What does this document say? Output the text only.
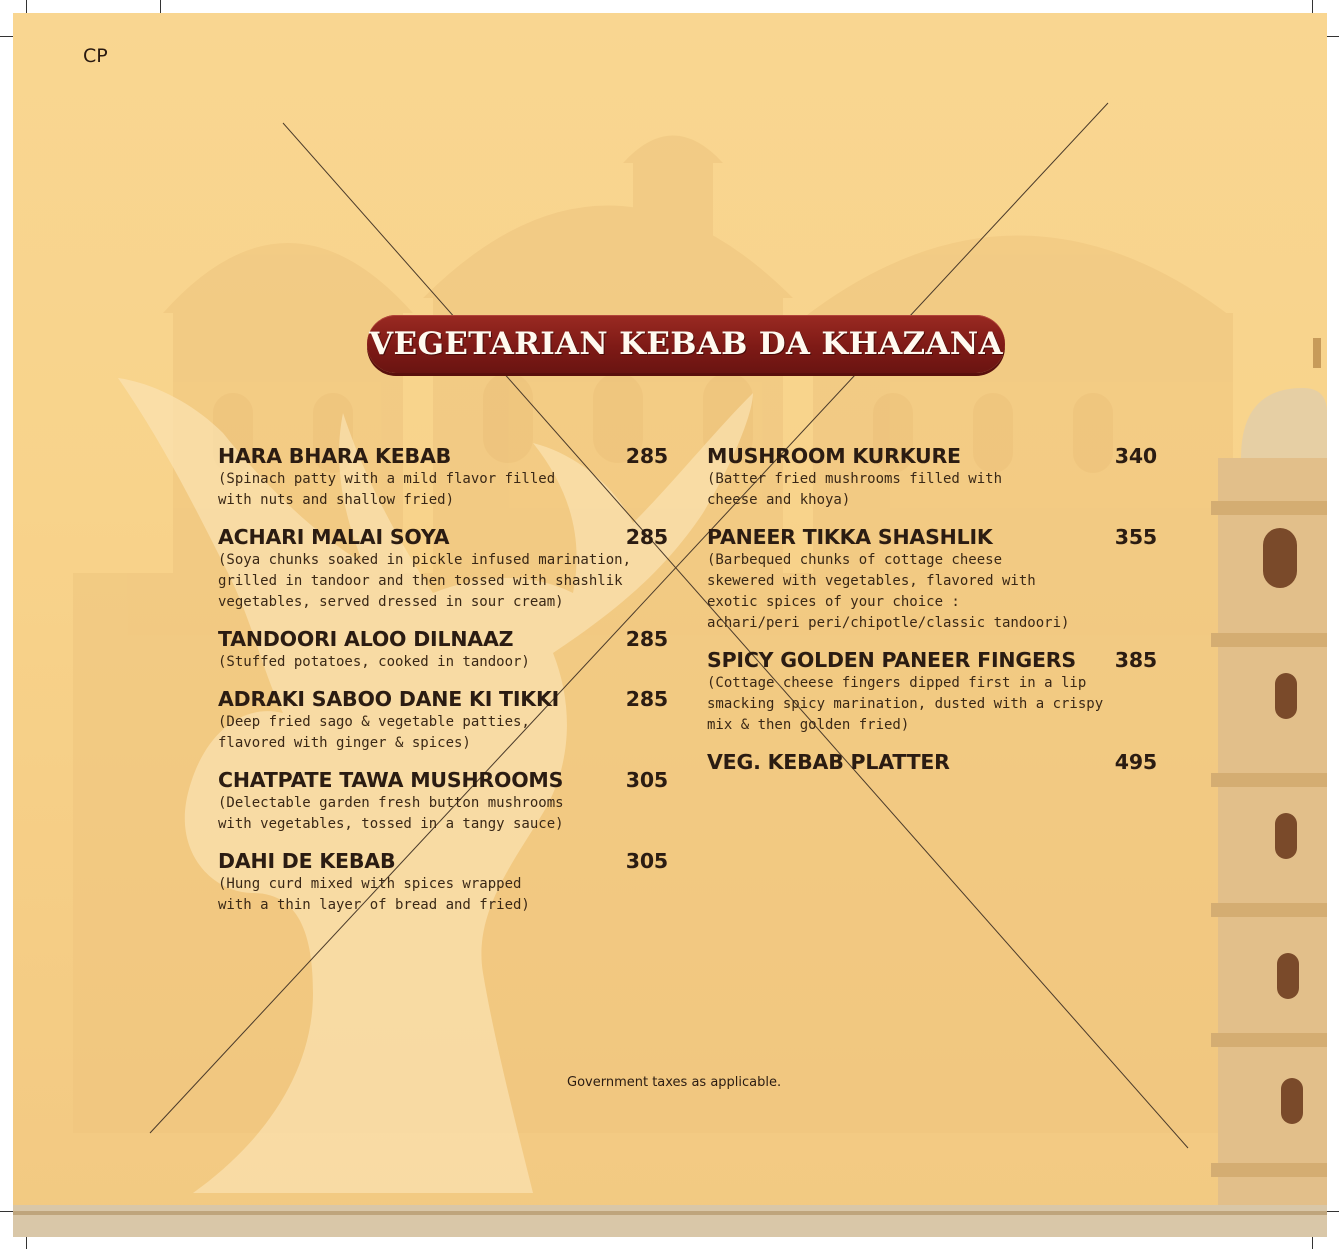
CP
VEGETARIAN KEBAB DA KHAZANA
HARA BHARA KEBAB	285
(Spinach patty with a mild flavor filled
with nuts and shallow fried)
ACHARI MALAI SOYA	285
(Soya chunks soaked in pickle infused marination,
grilled in tandoor and then tossed with shashlik
vegetables, served dressed in sour cream)
TANDOORI ALOO DILNAAZ	285
(Stuffed potatoes, cooked in tandoor)
ADRAKI SABOO DANE KI TIKKI	285
(Deep fried sago & vegetable patties,
flavored with ginger & spices)
CHATPATE TAWA MUSHROOMS	305
(Delectable garden fresh button mushrooms
with vegetables, tossed in a tangy sauce)
DAHI DE KEBAB	305
(Hung curd mixed with spices wrapped
with a thin layer of bread and fried)
MUSHROOM KURKURE	340
(Batter fried mushrooms filled with
cheese and khoya)
PANEER TIKKA SHASHLIK	355
(Barbequed chunks of cottage cheese
skewered with vegetables, flavored with
exotic spices of your choice :
achari/peri peri/chipotle/classic tandoori)
SPICY GOLDEN PANEER FINGERS 385
(Cottage cheese fingers dipped first in a lip
smacking spicy marination, dusted with a crispy
mix & then golden fried)
VEG. KEBAB PLATTER	495
Government taxes as applicable.
